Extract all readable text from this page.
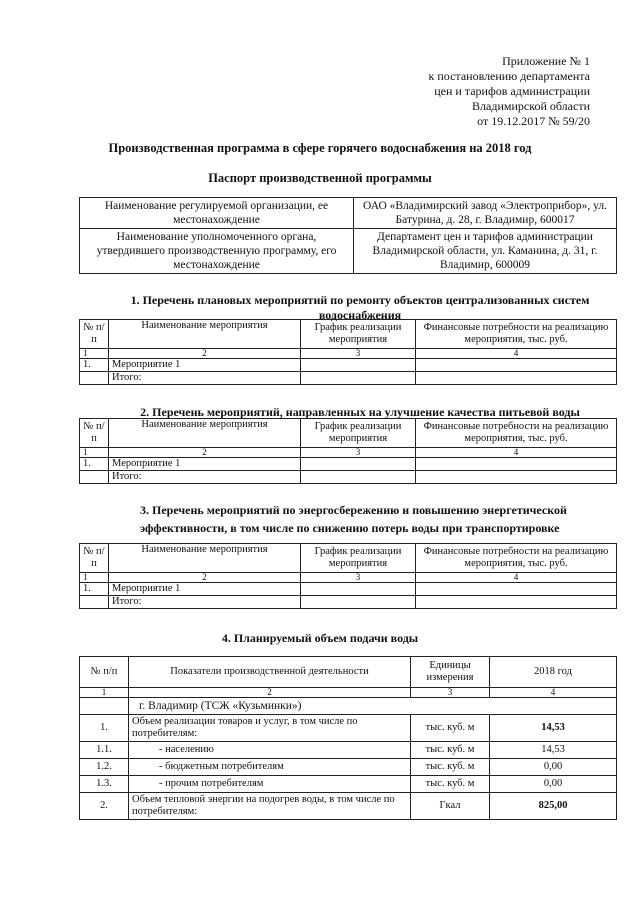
Приложение № 1
к постановлению департамента
цен и тарифов администрации
Владимирской области
от 19.12.2017 № 59/20
Производственная программа в сфере горячего водоснабжения на 2018 год
Паспорт производственной программы
Наименование регулируемой организации, ее местонахождение	ОАО «Владимирский завод «Электроприбор», ул. Батурина, д. 28, г. Владимир, 600017
Наименование уполномоченного органа, утвердившего производственную программу, его местонахождение	Департамент цен и тарифов администрации Владимирской области, ул. Каманина, д. 31, г. Владимир, 600009
1. Перечень плановых мероприятий по ремонту объектов централизованных систем водоснабжения
№ п/п	Наименование мероприятия	График реализации мероприятия	Финансовые потребности на реализацию мероприятия, тыс. руб.
1	2	3	4
1.	Мероприятие 1		
	Итого:		
2. Перечень мероприятий, направленных на улучшение качества питьевой воды
№ п/п	Наименование мероприятия	График реализации мероприятия	Финансовые потребности на реализацию мероприятия, тыс. руб.
1	2	3	4
1.	Мероприятие 1		
	Итого:		
3. Перечень мероприятий по энергосбережению и повышению энергетической эффективности, в том числе по снижению потерь воды при транспортировке
№ п/п	Наименование мероприятия	График реализации мероприятия	Финансовые потребности на реализацию мероприятия, тыс. руб.
1	2	3	4
1.	Мероприятие 1		
	Итого:		
4. Планируемый объем подачи воды
№ п/п	Показатели производственной деятельности	Единицы измерения	2018 год
1	2	3	4
	г. Владимир (ТСЖ «Кузьминки»)		
1.	Объем реализации товаров и услуг, в том числе по потребителям:	тыс. куб. м	14,53
1.1.	- населению	тыс. куб. м	14,53
1.2.	- бюджетным потребителям	тыс. куб. м	0,00
1.3.	- прочим потребителям	тыс. куб. м	0,00
2.	Объем тепловой энергии на подогрев воды, в том числе по потребителям:	Гкал	825,00
